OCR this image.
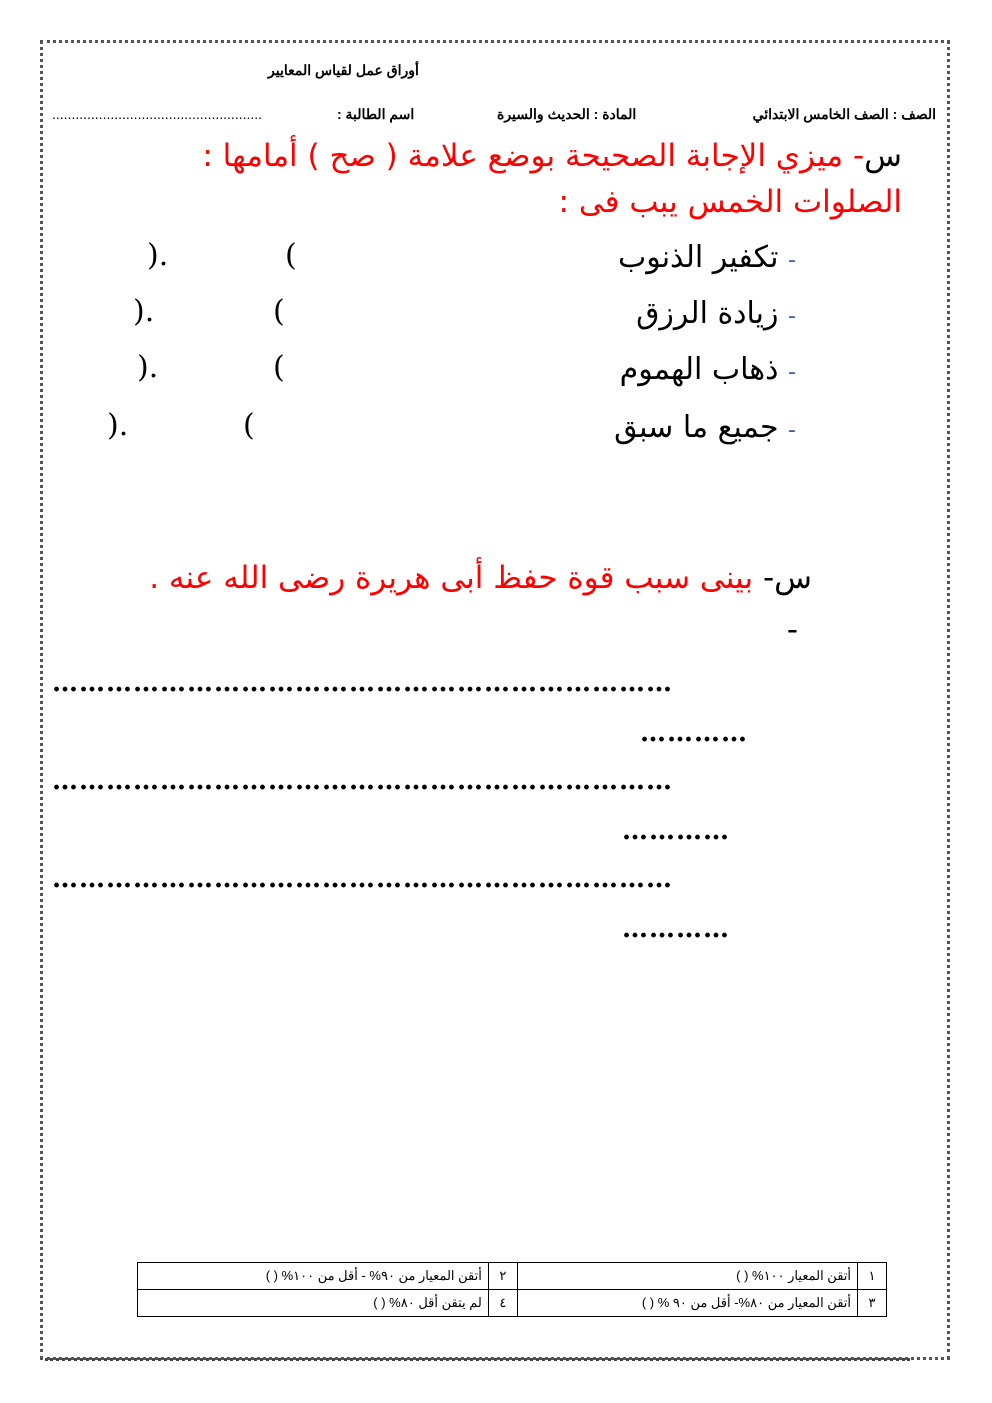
أوراق عمل لقياس المعايير
الصف : الصف الخامس الابتدائي
المادة : الحديث والسيرة
اسم الطالبة :
......................................................
س- ميزي الإجابة الصحيحة بوضع علامة ( صح ) أمامها :
الصلوات الخمس يبب فى :
- تكفير الذنوب
(
).
- زيادة الرزق
(
).
- ذهاب الهموم
(
).
- جميع ما سبق
(
).
س- بينى سبب قوة حفظ أبى هريرة رضى الله عنه .
-
……………………………………………………………
…………
……………………………………………………………
…………
……………………………………………………………
…………
١	أتقن المعيار ١٠٠% ( )	٢	أتقن المعيار من ٩٠% - أقل من ١٠٠% ( )
٣	أتقن المعيار من ٨٠%- أقل من ٩٠ % ( )	٤	لم يتقن أقل ٨٠% ( )
